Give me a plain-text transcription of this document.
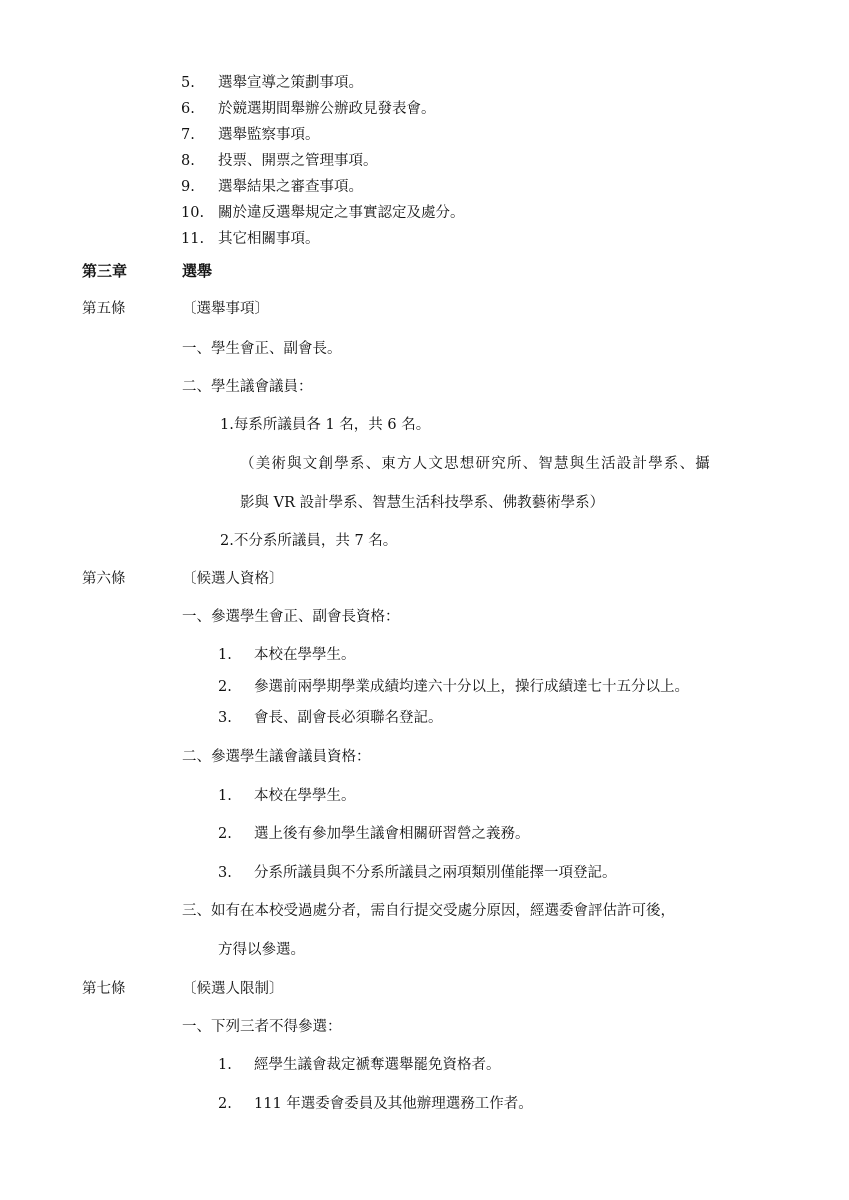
5. 選舉宣導之策劃事項。
6. 於競選期間舉辦公辦政見發表會。
7. 選舉監察事項。
8. 投票、開票之管理事項。
9. 選舉結果之審查事項。
10. 關於違反選舉規定之事實認定及處分。
11. 其它相關事項。
第三章	選舉
第五條	〔選舉事項〕
一、學生會正、副會長。
二、學生議會議員：
1.每系所議員各 1 名，共 6 名。
（美術與文創學系、東方人文思想研究所、智慧與生活設計學系、攝
影與 VR 設計學系、智慧生活科技學系、佛教藝術學系）
2.不分系所議員，共 7 名。
第六條	〔候選人資格〕
一、參選學生會正、副會長資格：
1. 本校在學學生。
2. 參選前兩學期學業成績均達六十分以上，操行成績達七十五分以上。
3. 會長、副會長必須聯名登記。
二、參選學生議會議員資格：
1. 本校在學學生。
2. 選上後有參加學生議會相關研習營之義務。
3. 分系所議員與不分系所議員之兩項類別僅能擇一項登記。
三、如有在本校受過處分者，需自行提交受處分原因，經選委會評估許可後，
方得以參選。
第七條	〔候選人限制〕
一、下列三者不得參選：
1. 經學生議會裁定褫奪選舉罷免資格者。
2. 111 年選委會委員及其他辦理選務工作者。
